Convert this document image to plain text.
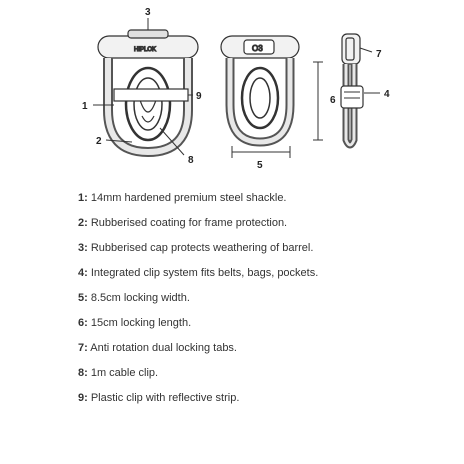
HIPLOK	O3
1
2
3
4
5
6
7
8
9
1: 14mm hardened premium steel shackle.
2: Rubberised coating for frame protection.
3: Rubberised cap protects weathering of barrel.
4: Integrated clip system fits belts, bags, pockets.
5: 8.5cm locking width.
6: 15cm locking length.
7: Anti rotation dual locking tabs.
8: 1m cable clip.
9: Plastic clip with reflective strip.
